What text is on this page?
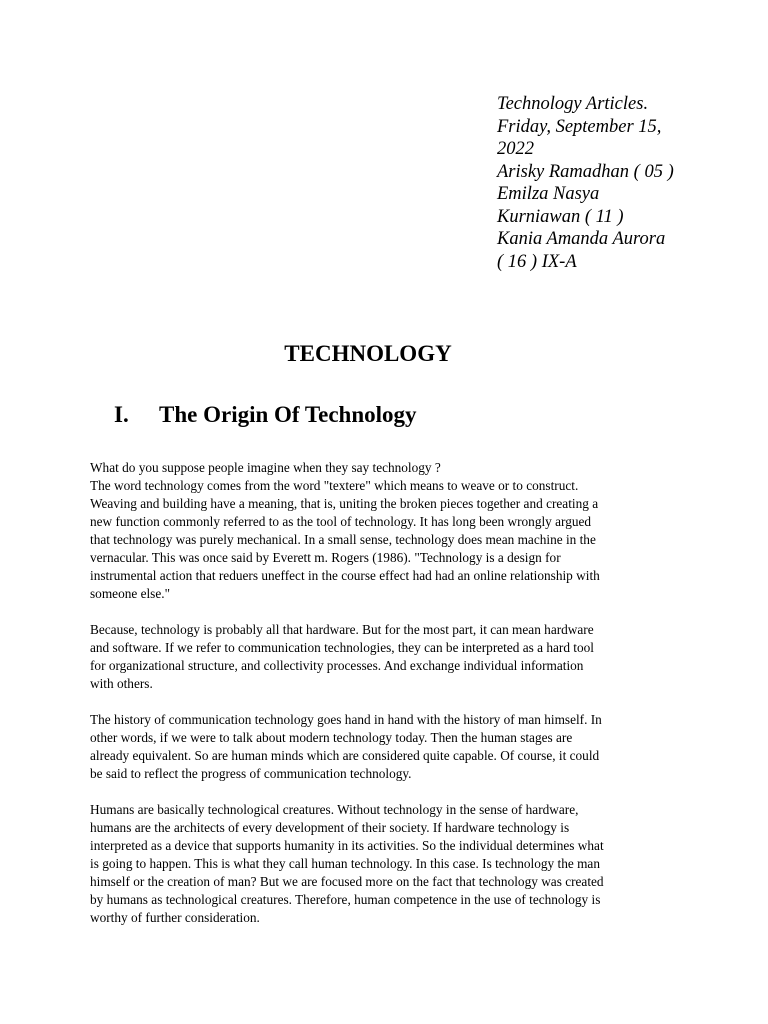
Technology Articles.
Friday, September 15,
2022
Arisky Ramadhan ( 05 )
Emilza Nasya
Kurniawan ( 11 )
Kania Amanda Aurora
( 16 ) IX-A
TECHNOLOGY
I. The Origin Of Technology

What do you suppose people imagine when they say technology ?
The word technology comes from the word "textere" which means to weave or to construct.
Weaving and building have a meaning, that is, uniting the broken pieces together and creating a
new function commonly referred to as the tool of technology. It has long been wrongly argued
that technology was purely mechanical. In a small sense, technology does mean machine in the
vernacular. This was once said by Everett m. Rogers (1986). "Technology is a design for
instrumental action that reduers uneffect in the course effect had had an online relationship with
someone else."

Because, technology is probably all that hardware. But for the most part, it can mean hardware
and software. If we refer to communication technologies, they can be interpreted as a hard tool
for organizational structure, and collectivity processes. And exchange individual information
with others.

The history of communication technology goes hand in hand with the history of man himself. In
other words, if we were to talk about modern technology today. Then the human stages are
already equivalent. So are human minds which are considered quite capable. Of course, it could
be said to reflect the progress of communication technology.

Humans are basically technological creatures. Without technology in the sense of hardware,
humans are the architects of every development of their society. If hardware technology is
interpreted as a device that supports humanity in its activities. So the individual determines what
is going to happen. This is what they call human technology. In this case. Is technology the man
himself or the creation of man? But we are focused more on the fact that technology was created
by humans as technological creatures. Therefore, human competence in the use of technology is
worthy of further consideration.
